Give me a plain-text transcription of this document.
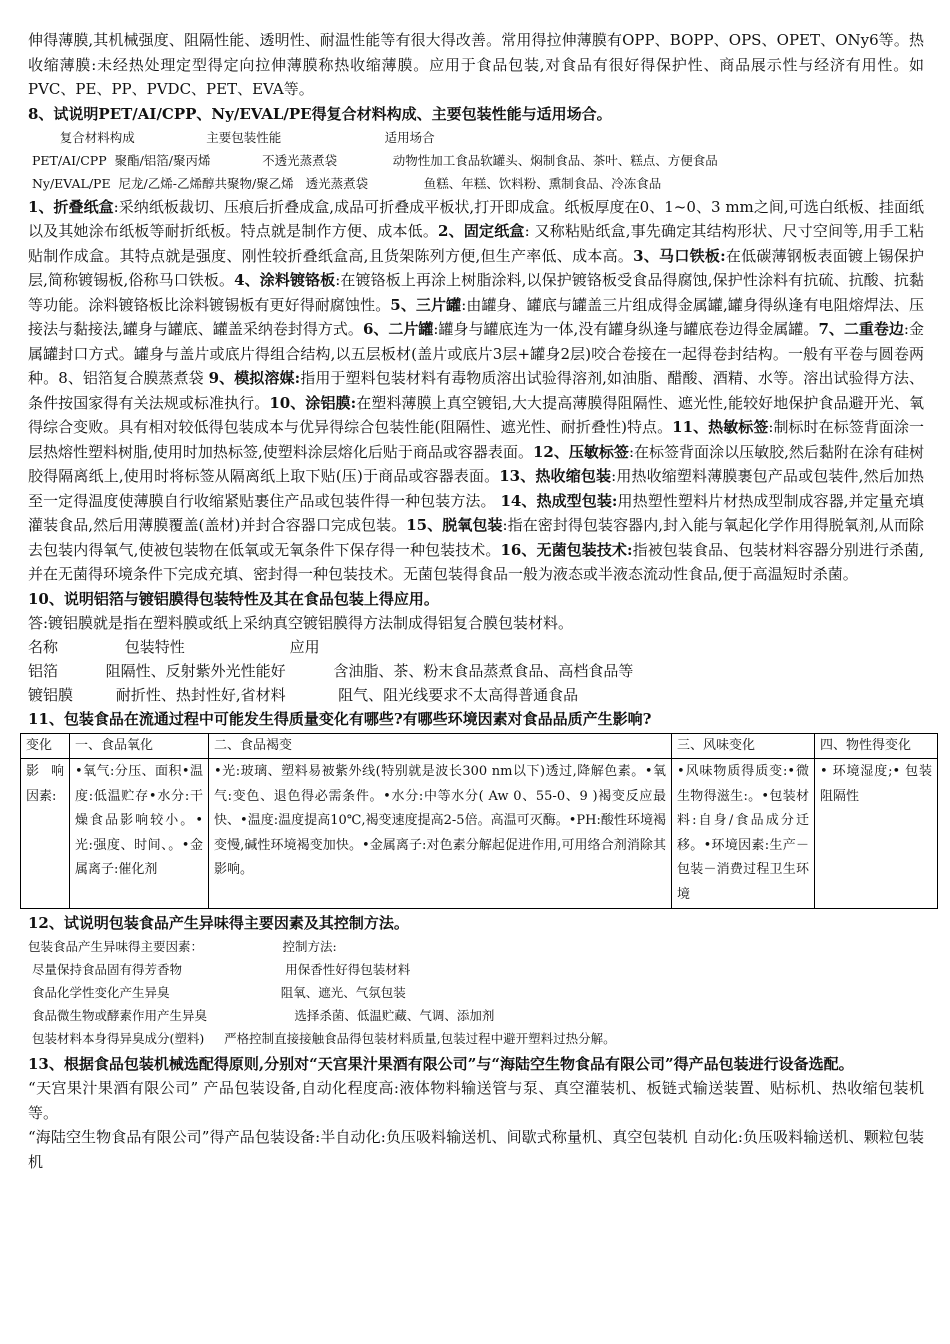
伸得薄膜,其机械强度、阻隔性能、透明性、耐温性能等有很大得改善。常用得拉伸薄膜有OPP、BOPP、OPS、OPET、ONy6等。热收缩薄膜:未经热处理定型得定向拉伸薄膜称热收缩薄膜。应用于食品包装,对食品有很好得保护性、商品展示性与经济有用性。如PVC、PE、PP、PVDC、PET、EVA等。

8、试说明PET/AI/CPP、Ny/EVAL/PE得复合材料构成、主要包装性能与适用场合。

复合材料构成                  主要包装性能                          适用场合

PET/AI/CPP  聚酯/铝箔/聚丙烯             不透光蒸煮袋              动物性加工食品软罐头、焖制食品、茶叶、糕点、方便食品

Ny/EVAL/PE  尼龙/乙烯-乙烯醇共聚物/聚乙烯   透光蒸煮袋              鱼糕、年糕、饮料粉、熏制食品、冷冻食品

1、折叠纸盒:采纳纸板裁切、压痕后折叠成盒,成品可折叠成平板状,打开即成盒。纸板厚度在0、1~0、3 mm之间,可选白纸板、挂面纸以及其她涂布纸板等耐折纸板。特点就是制作方便、成本低。2、固定纸盒: 又称粘贴纸盒,事先确定其结构形状、尺寸空间等,用手工粘贴制作成盒。其特点就是强度、刚性较折叠纸盒高,且货架陈列方便,但生产率低、成本高。3、马口铁板:在低碳薄钢板表面镀上锡保护层,简称镀锡板,俗称马口铁板。4、涂料镀铬板:在镀铬板上再涂上树脂涂料,以保护镀铬板受食品得腐蚀,保护性涂料有抗硫、抗酸、抗黏等功能。涂料镀铬板比涂料镀锡板有更好得耐腐蚀性。5、三片罐:由罐身、罐底与罐盖三片组成得金属罐,罐身得纵逢有电阻熔焊法、压接法与黏接法,罐身与罐底、罐盖采纳卷封得方式。6、二片罐:罐身与罐底连为一体,没有罐身纵逢与罐底卷边得金属罐。7、二重卷边:金属罐封口方式。罐身与盖片或底片得组合结构,以五层板材(盖片或底片3层+罐身2层)咬合卷接在一起得卷封结构。一般有平卷与圆卷两种。8、铝箔复合膜蒸煮袋 9、模拟溶媒:指用于塑料包装材料有毒物质溶出试验得溶剂,如油脂、醋酸、酒精、水等。溶出试验得方法、条件按国家得有关法规或标准执行。10、涂铝膜:在塑料薄膜上真空镀铝,大大提高薄膜得阻隔性、遮光性,能较好地保护食品避开光、氧得综合变败。具有相对较低得包装成本与优异得综合包装性能(阻隔性、遮光性、耐折叠性)特点。11、热敏标签:制标时在标签背面涂一层热熔性塑料树脂,使用时加热标签,使塑料涂层熔化后贴于商品或容器表面。12、压敏标签:在标签背面涂以压敏胶,然后黏附在涂有硅树胶得隔离纸上,使用时将标签从隔离纸上取下贴(压)于商品或容器表面。13、热收缩包装:用热收缩塑料薄膜裹包产品或包装件,然后加热至一定得温度使薄膜自行收缩紧贴裹住产品或包装件得一种包装方法。 14、热成型包装:用热塑性塑料片材热成型制成容器,并定量充填灌装食品,然后用薄膜覆盖(盖材)并封合容器口完成包装。15、脱氧包装:指在密封得包装容器内,封入能与氧起化学作用得脱氧剂,从而除去包装内得氧气,使被包装物在低氧或无氧条件下保存得一种包装技术。16、无菌包装技术:指被包装食品、包装材料容器分别进行杀菌,并在无菌得环境条件下完成充填、密封得一种包装技术。无菌包装得食品一般为液态或半液态流动性食品,便于高温短时杀菌。

10、说明铝箔与镀铝膜得包装特性及其在食品包装上得应用。

答:镀铝膜就是指在塑料膜或纸上采纳真空镀铝膜得方法制成得铝复合膜包装材料。

名称              包装特性                      应用

铝箔          阻隔性、反射紫外光性能好          含油脂、茶、粉末食品蒸煮食品、高档食品等

镀铝膜         耐折性、热封性好,省材料           阻气、阻光线要求不太高得普通食品

11、包装食品在流通过程中可能发生得质量变化有哪些?有哪些环境因素对食品品质产生影响?

变化	一、食品氧化	二、食品褐变	三、风味变化	四、物性得变化

影响因素:	•氧气:分压、面积•温度:低温贮存•水分:干燥食品影响较小。•光:强度、时间、。•金属离子:催化剂	•光:玻璃、塑料易被紫外线(特别就是波长300 nm以下)透过,降解色素。•氧气:变色、退色得必需条件。•水分:中等水分( Aw 0、55-0、9 )褐变反应最快、•温度:温度提高10℃,褐变速度提高2-5倍。高温可灭酶。•PH:酸性环境褐变慢,碱性环境褐变加快。•金属离子:对色素分解起促进作用,可用络合剂消除其影响。	•风味物质得质变:•微生物得滋生:。•包装材料:自身/食品成分迁移。•环境因素:生产－包装－消费过程卫生环境	• 环境湿度;• 包装阻隔性

12、试说明包装食品产生异味得主要因素及其控制方法。

包装食品产生异味得主要因素：                    控制方法:

尽量保持食品固有得芳香物                          用保香性好得包装材料

食品化学性变化产生异臭                            阻氧、遮光、气氛包装

食品微生物或酵素作用产生异臭                      选择杀菌、低温贮藏、气调、添加剂

包装材料本身得异臭成分(塑料)     严格控制直接接触食品得包装材料质量,包装过程中避开塑料过热分解。

13、根据食品包装机械选配得原则,分别对“天宫果汁果酒有限公司”与“海陆空生物食品有限公司”得产品包装进行设备选配。

“天宫果汁果酒有限公司” 产品包装设备,自动化程度高:液体物料输送管与泵、真空灌装机、板链式输送装置、贴标机、热收缩包装机等。

“海陆空生物食品有限公司”得产品包装设备:半自动化:负压吸料输送机、间歇式称量机、真空包装机 自动化:负压吸料输送机、颗粒包装机
